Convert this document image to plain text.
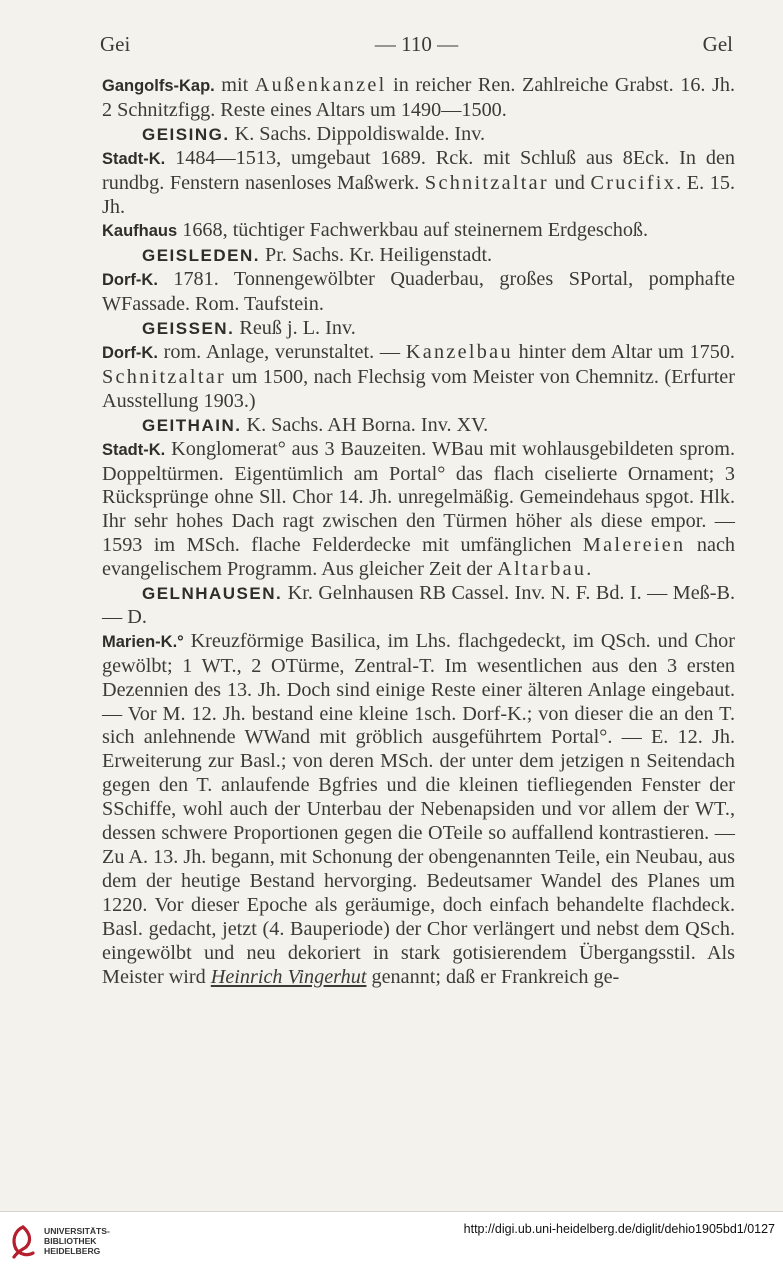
Gei	— 110 —	Gel

Gangolfs-Kap. mit Außenkanzel in reicher Ren. Zahlreiche Grabst. 16. Jh. 2 Schnitzfigg. Reste eines Altars um 1490—1500.

GEISING. K. Sachs. Dippoldiswalde. Inv.

Stadt-K. 1484—1513, umgebaut 1689. Rck. mit Schluß aus 8Eck. In den rundbg. Fenstern nasenloses Maßwerk. Schnitzaltar und Crucifix. E. 15. Jh.

Kaufhaus 1668, tüchtiger Fachwerkbau auf steinernem Erdgeschoß.

GEISLEDEN. Pr. Sachs. Kr. Heiligenstadt.

Dorf-K. 1781. Tonnengewölbter Quaderbau, großes SPortal, pomphafte WFassade. Rom. Taufstein.

GEISSEN. Reuß j. L. Inv.

Dorf-K. rom. Anlage, verunstaltet. — Kanzelbau hinter dem Altar um 1750. Schnitzaltar um 1500, nach Flechsig vom Meister von Chemnitz. (Erfurter Ausstellung 1903.)

GEITHAIN. K. Sachs. AH Borna. Inv. XV.

Stadt-K. Konglomerat° aus 3 Bauzeiten. WBau mit wohlausgebildeten sprom. Doppeltürmen. Eigentümlich am Portal° das flach ciselierte Ornament; 3 Rücksprünge ohne Sll. Chor 14. Jh. unregelmäßig. Gemeindehaus spgot. Hlk. Ihr sehr hohes Dach ragt zwischen den Türmen höher als diese empor. — 1593 im MSch. flache Felderdecke mit umfänglichen Malereien nach evangelischem Programm. Aus gleicher Zeit der Altarbau.

GELNHAUSEN. Kr. Gelnhausen RB Cassel. Inv. N. F. Bd. I. — Meß-B. — D.

Marien-K.° Kreuzförmige Basilica, im Lhs. flachgedeckt, im QSch. und Chor gewölbt; 1 WT., 2 OTürme, Zentral-T. Im wesentlichen aus den 3 ersten Dezennien des 13. Jh. Doch sind einige Reste einer älteren Anlage eingebaut. — Vor M. 12. Jh. bestand eine kleine 1sch. Dorf-K.; von dieser die an den T. sich anlehnende WWand mit gröblich ausgeführtem Portal°. — E. 12. Jh. Erweiterung zur Basl.; von deren MSch. der unter dem jetzigen n Seitendach gegen den T. anlaufende Bgfries und die kleinen tiefliegenden Fenster der SSchiffe, wohl auch der Unterbau der Nebenapsiden und vor allem der WT., dessen schwere Proportionen gegen die OTeile so auffallend kontrastieren. — Zu A. 13. Jh. begann, mit Schonung der obengenannten Teile, ein Neubau, aus dem der heutige Bestand hervorging. Bedeutsamer Wandel des Planes um 1220. Vor dieser Epoche als geräumige, doch einfach behandelte flachdeck. Basl. gedacht, jetzt (4. Bauperiode) der Chor verlängert und nebst dem QSch. eingewölbt und neu dekoriert in stark gotisierendem Übergangsstil. Als Meister wird Heinrich Vingerhut genannt; daß er Frankreich ge-

UNIVERSITÄTS-
BIBLIOTHEK
HEIDELBERG
http://digi.ub.uni-heidelberg.de/diglit/dehio1905bd1/0127
